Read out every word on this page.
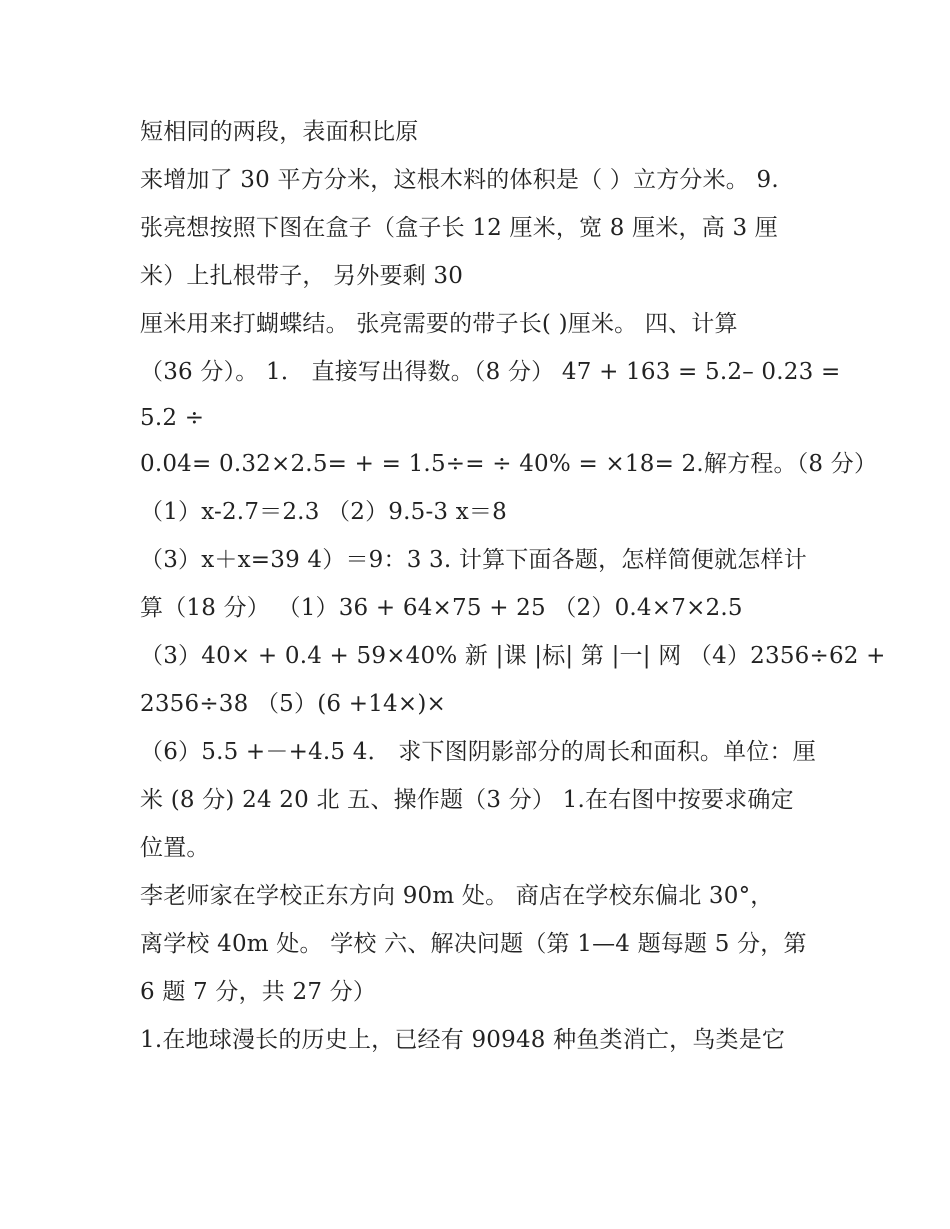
短相同的两段，表面积比原
来增加了 30 平方分米，这根木料的体积是（ ）立方分米。 9.
张亮想按照下图在盒子（盒子长 12 厘米，宽 8 厘米，高 3 厘
米）上扎根带子， 另外要剩 30
厘米用来打蝴蝶结。 张亮需要的带子长( )厘米。 四、计算
（36 分）。 1． 直接写出得数。（8 分） 47 + 163 = 5.2– 0.23 =
5.2 ÷
0.04= 0.32×2.5= + = 1.5÷= ÷ 40% = ×18= 2.解方程。（8 分）
（1）x-2.7＝2.3 （2）9.5-3 x＝8
（3）x＋x=39 4）＝9：3 3. 计算下面各题，怎样简便就怎样计
算（18 分） （1）36 + 64×75 + 25 （2）0.4×7×2.5
（3）40× + 0.4 + 59×40% 新 |课 |标| 第 |一| 网 （4）2356÷62 +
2356÷38 （5）(6 +14×)×
（6）5.5 +－+4.5 4． 求下图阴影部分的周长和面积。单位：厘
米 (8 分) 24 20 北 五、操作题（3 分） 1.在右图中按要求确定
位置。
李老师家在学校正东方向 90m 处。 商店在学校东偏北 30°，
离学校 40m 处。 学校 六、解决问题（第 1—4 题每题 5 分，第
6 题 7 分，共 27 分）
1.在地球漫长的历史上，已经有 90948 种鱼类消亡，鸟类是它
